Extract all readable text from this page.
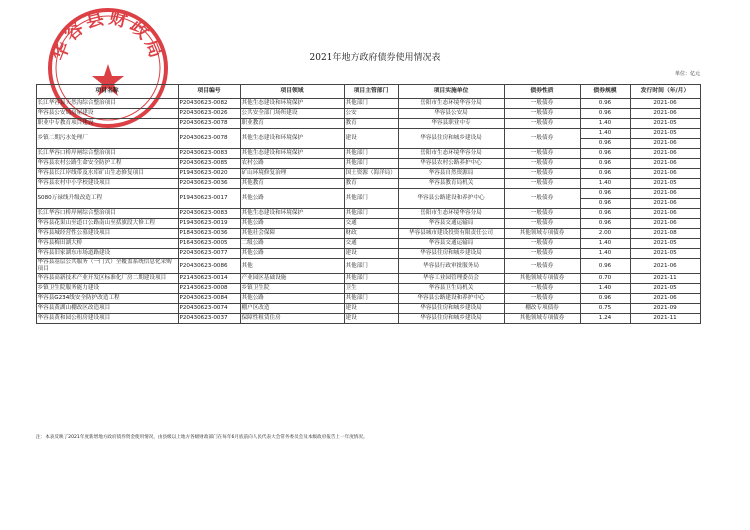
华容县财政局	2021年地方政府债券使用情况表
单位：亿元
	项目名称	项目编号	项目领域	项目主管部门	项目实施单位	债券性质	债券规模	发行时间（年/月）
	长江华容县天然沟综合整治项目	P20430623-0082	其他生态建设和环境保护	其他部门	岳阳市生态环境华容分局	一般债券	0.96	2021-06
	华容县公安局房屋建设	P20430623-0026	公共安全部门场所建设	公安	华容县公安局	一般债券	0.96	2021-06
	职业中专教育项目建设	P20430623-0078	职业教育	教育	华容县职业中专	一般债券	1.40	2021-05
	乡镇二期污水处理厂	P20430623-0078	其他生态建设和环境保护	建设	华容县住房和城乡建设局	一般债券	1.40	2021-05
						0.96	2021-06
	长江华容口桥岸闸综合整治项目	P20430623-0083	其他生态建设和环境保护	其他部门	岳阳市生态环境华容分局	一般债券	0.96	2021-06
	华容县农村公路生命安全防护工程	P20430623-0085	农村公路	其他部门	华容县农村公路养护中心	一般债券	0.96	2021-06
	华容县长江岸线带及水库矿山生态修复项目	P19430623-0020	矿山环境修复治理	国土资源（海洋局）	华容县自然资源局	一般债券	0.96	2021-06
	华容县农村中小学校建设项目	P20430623-0036	其他教育	教育	华容县教育局机关	一般债券	1.40	2021-05
	S080万禄线升级改造工程	P19430623-0017	其他公路	其他部门	华容县公路建设和养护中心	一般债券	0.96	2021-06
						0.96	2021-06
	长江华容口桥岸闸综合整治项目	P20430623-0083	其他生态建设和环境保护	其他部门	岳阳市生态环境华容分局	一般债券	0.96	2021-06
	华容县花果山至道口公路南山至括旗段大修工程	P19430623-0019	其他公路	交通	华容县交通运输局	一般债券	0.96	2021-06
	华容县城经营性公墓建设项目	P18430623-0036	其他社会保障	财政	华容县城市建设投资有限责任公司	其他领域专项债券	2.00	2021-08
	华容县梅田湖大桥	P16430623-0005	二级公路	交通	华容县交通运输局	一般债券	1.40	2021-05
	华容县旧家湖东市场道路建设	P20430623-0077	其他公路	建设	华容县住房和城乡建设局	一般债券	1.40	2021-05
	华容县基层公共服务（一门式）全覆盖系统信息化采购项目	P20430623-0086	其他	其他部门	华容县行政审批服务局	一般债券	0.96	2021-06
	华容县高新技术产业开发区标准化厂房二期建设项目	P21430623-0014	产业园区基础设施	其他部门	华容工业园管理委员会	其他领域专项债券	0.70	2021-11
	乡镇卫生院服务能力建设	P21430623-0008	乡镇卫生院	卫生	华容县卫生局机关	一般债券	1.40	2021-05
	华容县G234线安全防护改造工程	P20430623-0084	其他公路	其他部门	华容县公路建设和养护中心	一般债券	0.96	2021-06
	华容县黄湖山棚改区改造项目	P20430623-0074	棚户区改造	建设	华容县住房和城乡建设局	棚改专项债券	0.75	2021-09
	华容县黄和园公租房建设项目	P20430623-0037	保障性租赁住房	建设	华容县住房和城乡建设局	其他领域专项债券	1.24	2021-11
注：本表反映了2021年度新增地方政府债券资金使用情况，由县级以上地方各级财政部门在每年6月底前向人民代表大会常务委员会及本级政府报告上一年度情况。
